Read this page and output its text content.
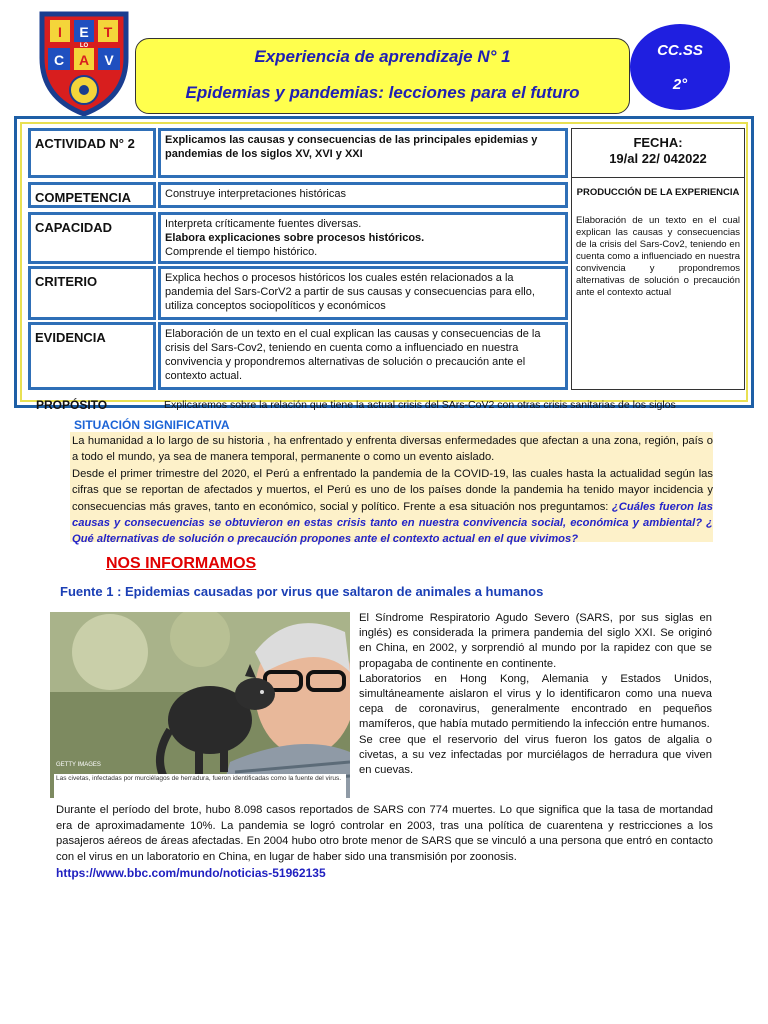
I E T
LO
C A V	Experiencia de aprendizaje N° 1
Epidemias y pandemias: lecciones para el futuro
CC.SS
2°
ACTIVIDAD N° 2	Explicamos las causas y consecuencias de las principales epidemias y pandemias de los siglos XV, XVI y XXI
COMPETENCIA	Construye interpretaciones históricas
CAPACIDAD	Interpreta críticamente fuentes diversas.
Elabora explicaciones sobre procesos históricos.
Comprende el tiempo histórico.
CRITERIO	Explica hechos o procesos históricos los cuales estén relacionados a la pandemia del Sars-CorV2 a partir de sus causas y consecuencias para ello, utiliza conceptos sociopolíticos y económicos
EVIDENCIA	Elaboración de un texto en el cual explican las causas y consecuencias de la crisis del Sars-Cov2, teniendo en cuenta como a influenciado en nuestra convivencia y propondremos alternativas de solución o precaución ante el contexto actual.
FECHA:
19/al 22/ 042022
PRODUCCIÓN DE LA EXPERIENCIA
Elaboración de un texto en el cual explican las causas y consecuencias de la crisis del Sars-Cov2, teniendo en cuenta como a influenciado en nuestra convivencia y propondremos alternativas de solución o precaución ante el contexto actual
PROPÓSITO	Explicaremos sobre la relación que tiene la actual crisis del SArs-CoV2 con otras crisis sanitarias de los siglos
SITUACIÓN SIGNIFICATIVA
La humanidad a lo largo de su historia , ha enfrentado y enfrenta diversas enfermedades que afectan a una zona, región, país o a todo el mundo, ya sea de manera temporal, permanente o como un evento aislado.
Desde el primer trimestre del 2020, el Perú a enfrentado la pandemia de la COVID-19, las cuales hasta la actualidad según las cifras que se reportan de afectados y muertos, el Perú es uno de los países donde la pandemia ha tenido mayor incidencia y consecuencias más graves, tanto en económico, social y político. Frente a esa situación nos preguntamos: ¿Cuáles fueron las causas y consecuencias se obtuvieron en estas crisis tanto en nuestra convivencia social, económica y ambiental? ¿ Qué alternativas de solución o precaución propones ante el contexto actual en el que vivimos?
NOS INFORMAMOS
Fuente 1 : Epidemias causadas por virus que saltaron de animales a humanos
GETTY IMAGES
Las civetas, infectadas por murciélagos de herradura, fueron identificadas como la fuente del virus.

El Síndrome Respiratorio Agudo Severo (SARS, por sus siglas en inglés) es considerada la primera pandemia del siglo XXI. Se originó en China, en 2002, y sorprendió al mundo por la rapidez con que se propagaba de continente en continente.

Laboratorios en Hong Kong, Alemania y Estados Unidos, simultáneamente aislaron el virus y lo identificaron como una nueva cepa de coronavirus, generalmente encontrado en pequeños mamíferos, que había mutado permitiendo la infección entre humanos.

Se cree que el reservorio del virus fueron los gatos de algalia o civetas, a su vez infectadas por murciélagos de herradura que viven en cuevas.

Durante el período del brote, hubo 8.098 casos reportados de SARS con 774 muertes. Lo que significa que la tasa de mortandad era de aproximadamente 10%. La pandemia se logró controlar en 2003, tras una política de cuarentena y restricciones a los pasajeros aéreos de áreas afectadas. En 2004 hubo otro brote menor de SARS que se vinculó a una persona que entró en contacto con el virus en un laboratorio en China, en lugar de haber sido una transmisión por zoonosis.
https://www.bbc.com/mundo/noticias-51962135
